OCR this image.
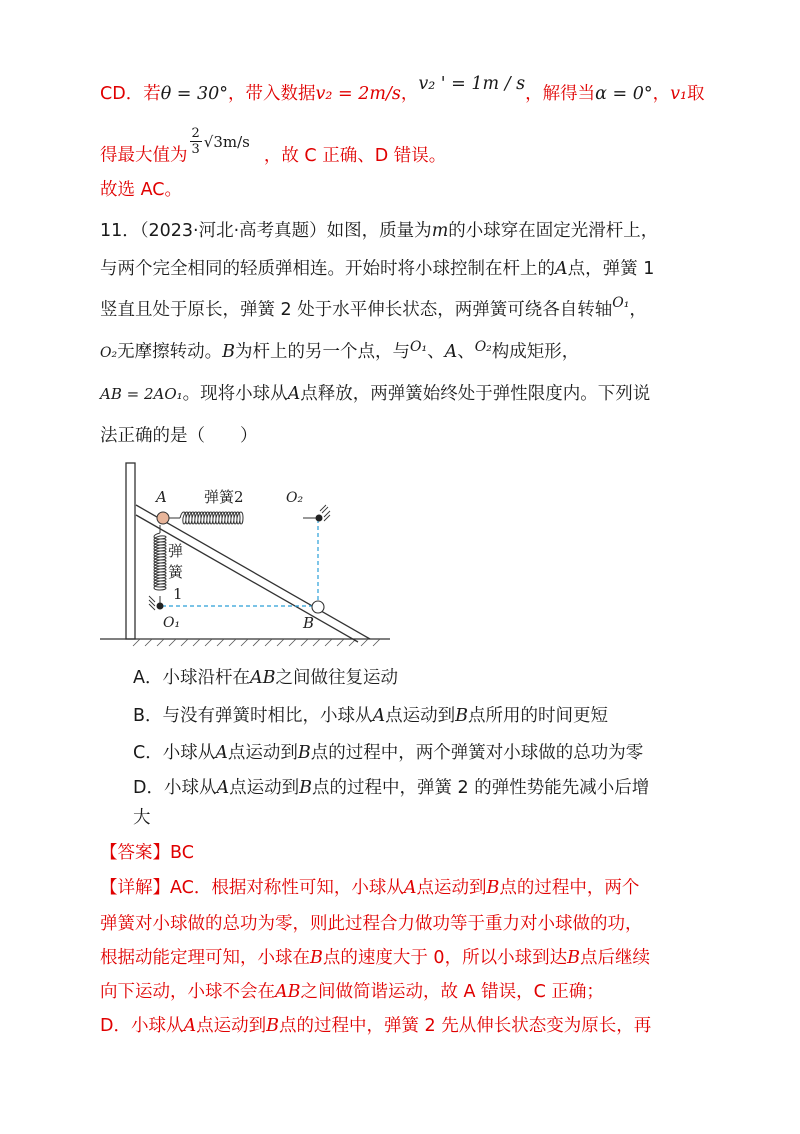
CD．若θ = 30°，带入数据v₂ = 2m/s，v₂ ' = 1m / s，解得当α = 0°，v₁取
得最大值为 $\frac{2}{3} √3m/s$，故 C 正确、D 错误。
故选 AC。
11．（2023·河北·高考真题）如图，质量为m的小球穿在固定光滑杆上，
与两个完全相同的轻质弹相连。开始时将小球控制在杆上的A点，弹簧 1
竖直且处于原长，弹簧 2 处于水平伸长状态，两弹簧可绕各自转轴$^{O_1}$，
O₂无摩擦转动。B为杆上的另一个点，与$^{O_1}$、A、$^{O_2}$构成矩形，
AB = 2AO₁。现将小球从A点释放，两弹簧始终处于弹性限度内。下列说
法正确的是（　　）
A 弹簧2	O₂
弹
簧
1
O₁	B
A．小球沿杆在AB之间做往复运动
B．与没有弹簧时相比，小球从A点运动到B点所用的时间更短
C．小球从A点运动到B点的过程中，两个弹簧对小球做的总功为零
D．小球从A点运动到B点的过程中，弹簧 2 的弹性势能先减小后增
大
【答案】BC
【详解】AC．根据对称性可知，小球从A点运动到B点的过程中，两个
弹簧对小球做的总功为零，则此过程合力做功等于重力对小球做的功，
根据动能定理可知，小球在B点的速度大于 0，所以小球到达B点后继续
向下运动，小球不会在AB之间做简谐运动，故 A 错误，C 正确；
D．小球从A点运动到B点的过程中，弹簧 2 先从伸长状态变为原长，再
